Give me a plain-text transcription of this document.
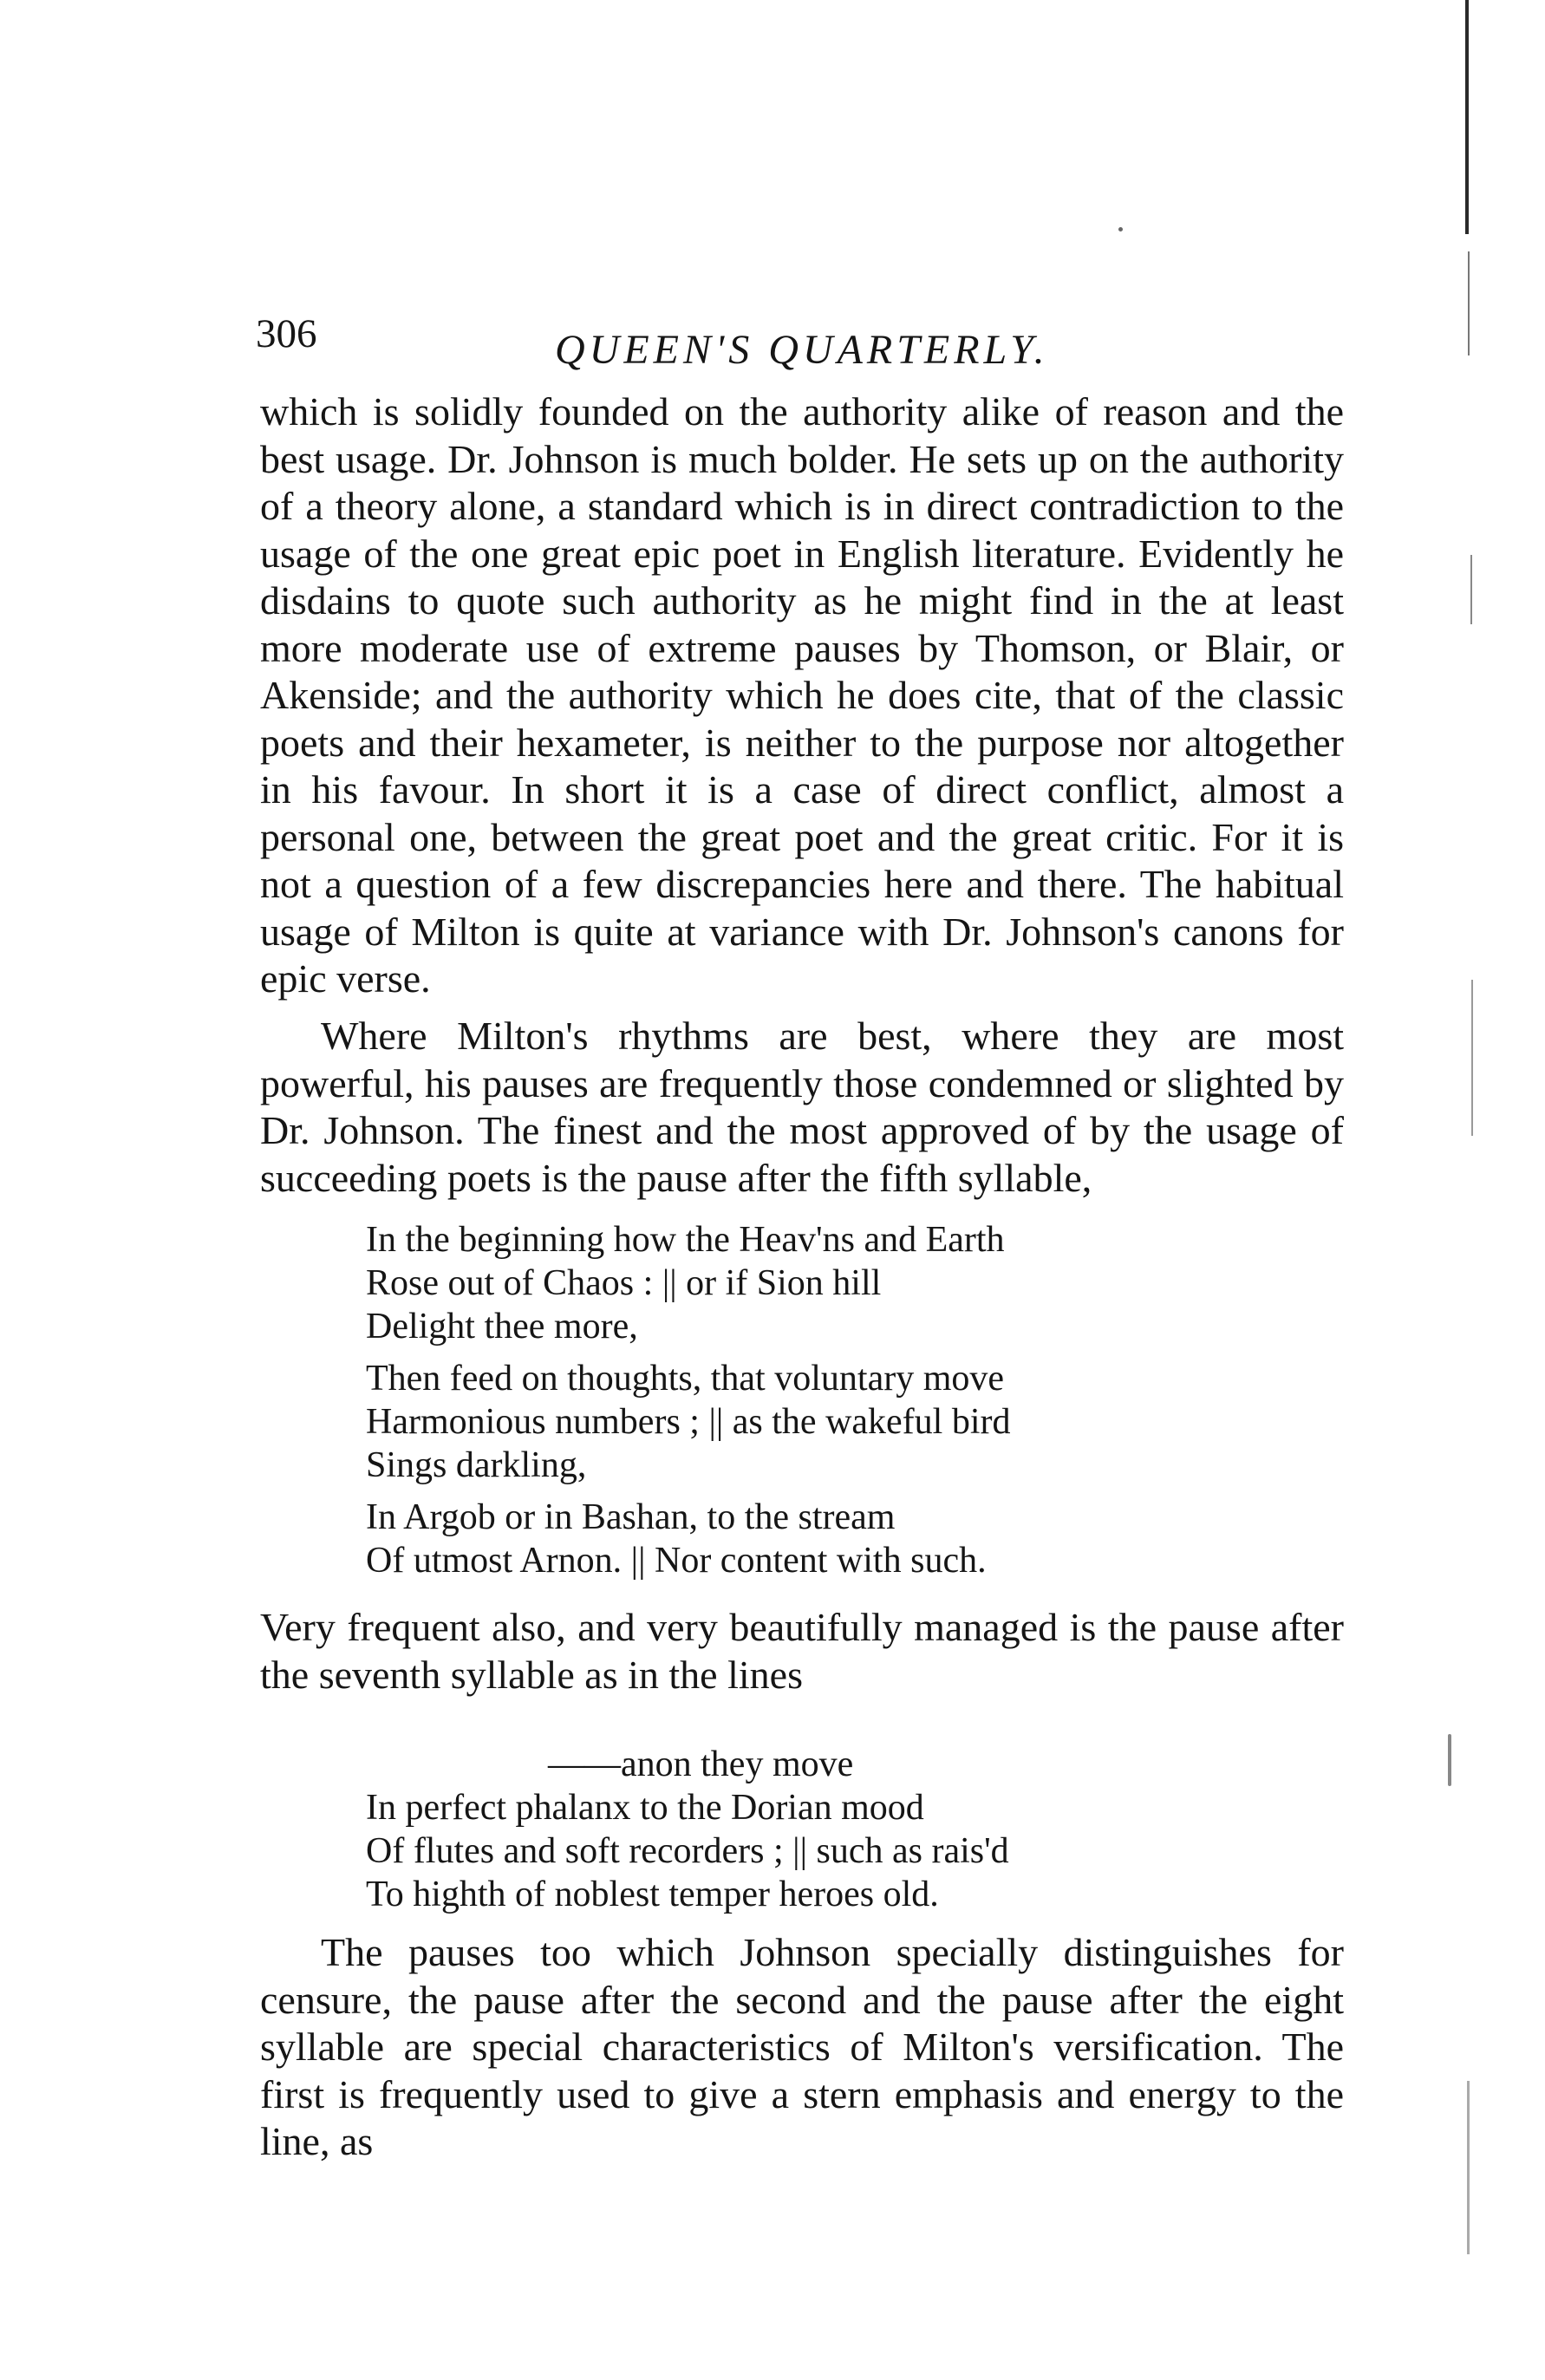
306	QUEEN'S QUARTERLY.

which is solidly founded on the authority alike of reason and the best usage. Dr. Johnson is much bolder. He sets up on the authority of a theory alone, a standard which is in direct contradiction to the usage of the one great epic poet in English literature. Evidently he disdains to quote such authority as he might find in the at least more moderate use of extreme pauses by Thomson, or Blair, or Akenside; and the authority which he does cite, that of the classic poets and their hexameter, is neither to the purpose nor altogether in his favour. In short it is a case of direct conflict, almost a personal one, between the great poet and the great critic. For it is not a question of a few discrepancies here and there. The habitual usage of Milton is quite at variance with Dr. Johnson's canons for epic verse.

Where Milton's rhythms are best, where they are most powerful, his pauses are frequently those condemned or slighted by Dr. Johnson. The finest and the most approved of by the usage of succeeding poets is the pause after the fifth syllable,

In the beginning how the Heav'ns and Earth
Rose out of Chaos : || or if Sion hill
Delight thee more,
Then feed on thoughts, that voluntary move
Harmonious numbers ; || as the wakeful bird
Sings darkling,
In Argob or in Bashan, to the stream
Of utmost Arnon. || Nor content with such.

Very frequent also, and very beautifully managed is the pause after the seventh syllable as in the lines

——anon they move
In perfect phalanx to the Dorian mood
Of flutes and soft recorders ; || such as rais'd
To highth of noblest temper heroes old.

The pauses too which Johnson specially distinguishes for censure, the pause after the second and the pause after the eight syllable are special characteristics of Milton's versification. The first is frequently used to give a stern emphasis and energy to the line, as
